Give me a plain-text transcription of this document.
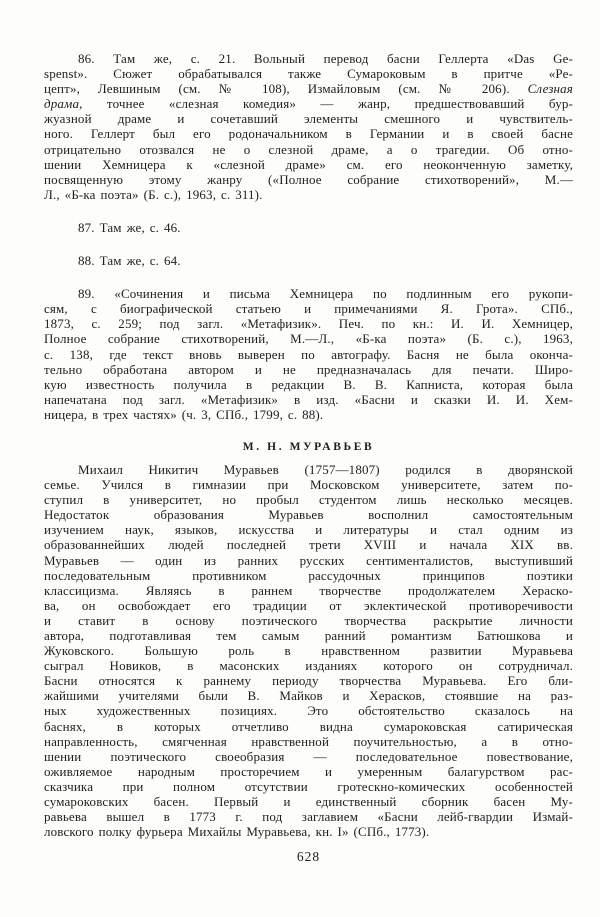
86. Там же, с. 21. Вольный перевод басни Геллерта «Das Ge-
spenst». Сюжет обрабатывался также Сумароковым в притче «Ре-
цепт», Левшиным (см. № 108), Измайловым (см. № 206). Слезная
драма, точнее «слезная комедия» — жанр, предшествовавший бур-
жуазной драме и сочетавший элементы смешного и чувствитель-
ного. Геллерт был его родоначальником в Германии и в своей басне
отрицательно отозвался не о слезной драме, а о трагедии. Об отно-
шении Хемницера к «слезной драме» см. его неоконченную заметку,
посвященную этому жанру («Полное собрание стихотворений», М.—
Л., «Б-ка поэта» (Б. с.), 1963, с. 311).
87. Там же, с. 46.
88. Там же, с. 64.
89. «Сочинения и письма Хемницера по подлинным его рукопи-
сям, с биографической статьею и примечаниями Я. Грота». СПб.,
1873, с. 259; под загл. «Метафизик». Печ. по кн.: И. И. Хемницер,
Полное собрание стихотворений, М.—Л., «Б-ка поэта» (Б. с.), 1963,
с. 138, где текст вновь выверен по автографу. Басня не была оконча-
тельно обработана автором и не предназначалась для печати. Широ-
кую известность получила в редакции В. В. Капниста, которая была
напечатана под загл. «Метафизик» в изд. «Басни и сказки И. И. Хем-
ницера, в трех частях» (ч. 3, СПб., 1799, с. 88).
М. Н. МУРАВЬЕВ
Михаил Никитич Муравьев (1757—1807) родился в дворянской
семье. Учился в гимназии при Московском университете, затем по-
ступил в университет, но пробыл студентом лишь несколько месяцев.
Недостаток образования Муравьев восполнил самостоятельным
изучением наук, языков, искусства и литературы и стал одним из
образованнейших людей последней трети XVIII и начала XIX вв.
Муравьев — один из ранних русских сентименталистов, выступивший
последовательным противником рассудочных принципов поэтики
классицизма. Являясь в раннем творчестве продолжателем Хераско-
ва, он освобождает его традиции от эклектической противоречивости
и ставит в основу поэтического творчества раскрытие личности
автора, подготавливая тем самым ранний романтизм Батюшкова и
Жуковского. Большую роль в нравственном развитии Муравьева
сыграл Новиков, в масонских изданиях которого он сотрудничал.
Басни относятся к раннему периоду творчества Муравьева. Его бли-
жайшими учителями были В. Майков и Херасков, стоявшие на раз-
ных художественных позициях. Это обстоятельство сказалось на
баснях, в которых отчетливо видна сумароковская сатирическая
направленность, смягченная нравственной поучительностью, а в отно-
шении поэтического своеобразия — последовательное повествование,
оживляемое народным просторечием и умеренным балагурством рас-
сказчика при полном отсутствии гротескно-комических особенностей
сумароковских басен. Первый и единственный сборник басен Му-
равьева вышел в 1773 г. под заглавием «Басни лейб-гвардии Измай-
ловского полку фурьера Михайлы Муравьева, кн. I» (СПб., 1773).
628
